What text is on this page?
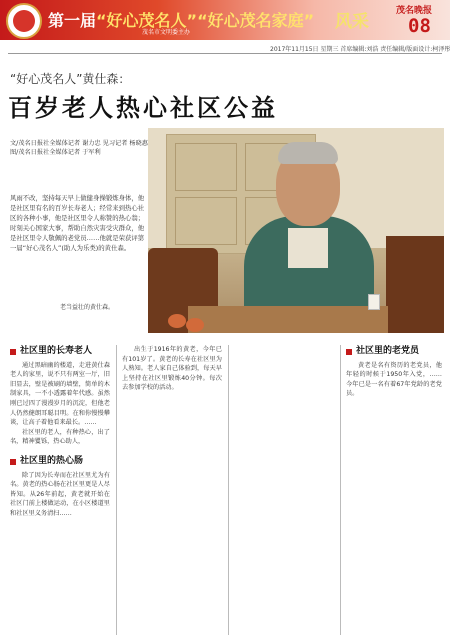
第一届“好心茂名人”“好心茂名家庭” 风采
茂名市文明委主办
茂名晚报
08
2017年11月15日 星期三 首席编辑:刘浩 责任编辑/版面设计:柯泽彤
“好心茂名人”黄仕森：
百岁老人热心社区公益
文/茂名日报社全媒体记者 谢力忠 见习记者 杨晓惠 图/茂名日报社全媒体记者 于军利
风雨不改，坚持每天早上做健身操锻炼身体，他是社区里有名的百岁长寿老人；经常来到热心社区的各种小事，他是社区里令人称赞的热心翁；时刻关心国家大事，帮助自然灾害受灾群众，他是社区里令人敬佩的老党员……他就是荣获评第一届“好心茂名人”(助人为乐类)的黄仕森。
老当益壮的黄仕森。
社区里的长寿老人

通过黑暗幽的楼道，走进黄仕森老人的家里，说不只有两室一厅，旧旧显去，壁是被刷的墙壁，简单的木制家具，一不小透露着年代感。虽然刚已过四了漫漫岁月的沉淀，但他老人仍然健朗耳聪目明。在和你慢慢攀谈，让高子着他看来最长。……

社区里的老人，有种热心，出了名，精神矍铄，热心助人，

社区里的热心肠

除了因为长寿而在社区里尤为有名。黄老的热心肠在社区里更是人尽皆知。从26年前起，黄老就开始在社区门前上楼做运动，在小区楼道里和社区里义务清扫……

出生于1916年的黄老，今年已有101岁了。黄老的长寿在社区里为人熟知。老人家自己体验到，每天早上坚持在社区里锻炼40分钟。每次去参加学校的活动。

社区里的老党员

黄老是名有资历的老党员，他年轻的时候于1950年入党，……今年已是一名有着67年党龄的老党员。
